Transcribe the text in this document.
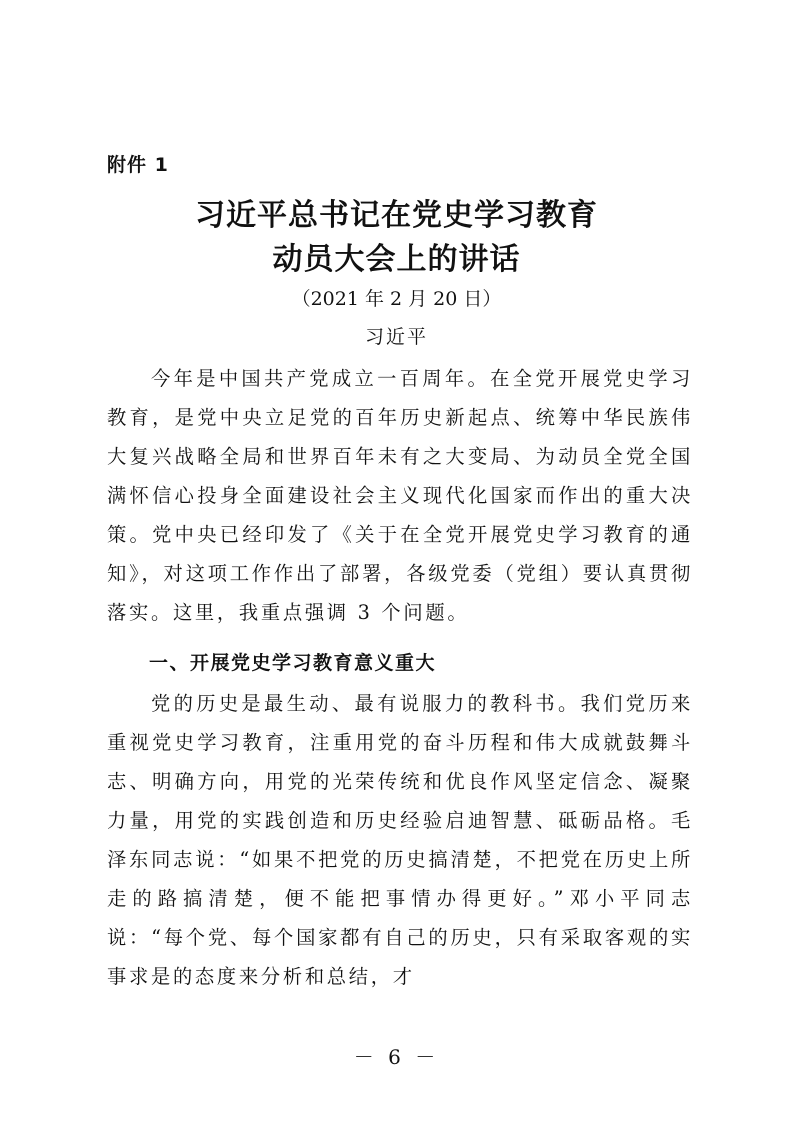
附件 1
习近平总书记在党史学习教育
动员大会上的讲话
（2021 年 2 月 20 日）
习近平

今年是中国共产党成立一百周年。在全党开展党史学习教育，是党中央立足党的百年历史新起点、统筹中华民族伟大复兴战略全局和世界百年未有之大变局、为动员全党全国满怀信心投身全面建设社会主义现代化国家而作出的重大决策。党中央已经印发了《关于在全党开展党史学习教育的通知》，对这项工作作出了部署，各级党委（党组）要认真贯彻落实。这里，我重点强调 3 个问题。

一、开展党史学习教育意义重大

党的历史是最生动、最有说服力的教科书。我们党历来重视党史学习教育，注重用党的奋斗历程和伟大成就鼓舞斗志、明确方向，用党的光荣传统和优良作风坚定信念、凝聚力量，用党的实践创造和历史经验启迪智慧、砥砺品格。毛泽东同志说：“如果不把党的历史搞清楚，不把党在历史上所走的路搞清楚，便不能把事情办得更好。”邓小平同志说：“每个党、每个国家都有自己的历史，只有采取客观的实事求是的态度来分析和总结，才

－ 6 －
